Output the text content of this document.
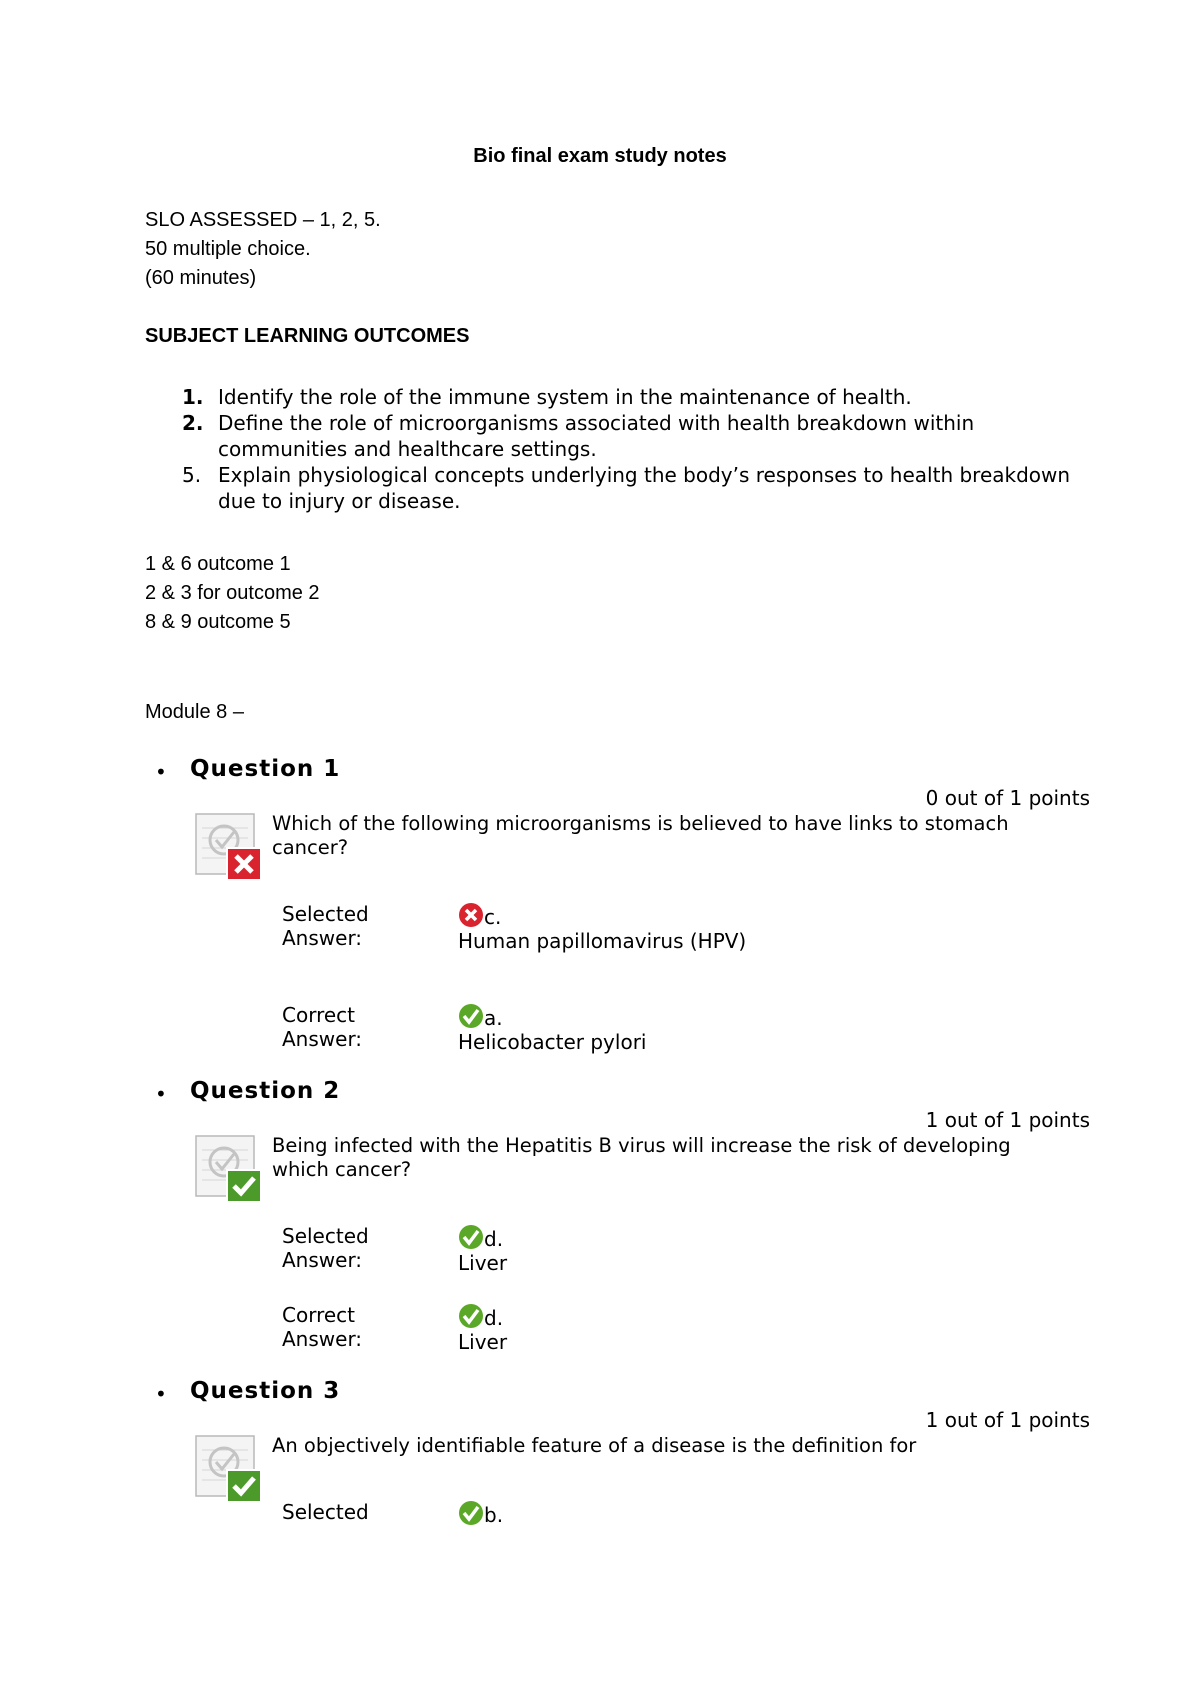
Bio final exam study notes
SLO ASSESSED – 1, 2, 5.
50 multiple choice.
(60 minutes)
SUBJECT LEARNING OUTCOMES
1. Identify the role of the immune system in the maintenance of health.
2. Define the role of microorganisms associated with health breakdown within communities and healthcare settings.
5. Explain physiological concepts underlying the body’s responses to health breakdown due to injury or disease.
1 & 6 outcome 1
2 & 3 for outcome 2
8 & 9 outcome 5
Module 8 –
• Question 1
0 out of 1 points
Which of the following microorganisms is believed to have links to stomach cancer?
Selected
Answer:
c.
Human papillomavirus (HPV)
Correct
Answer:
a.
Helicobacter pylori
• Question 2
1 out of 1 points
Being infected with the Hepatitis B virus will increase the risk of developing which cancer?
Selected
Answer:
d.
Liver
Correct
Answer:
d.
Liver
• Question 3
1 out of 1 points
An objectively identifiable feature of a disease is the definition for
Selected	b.
